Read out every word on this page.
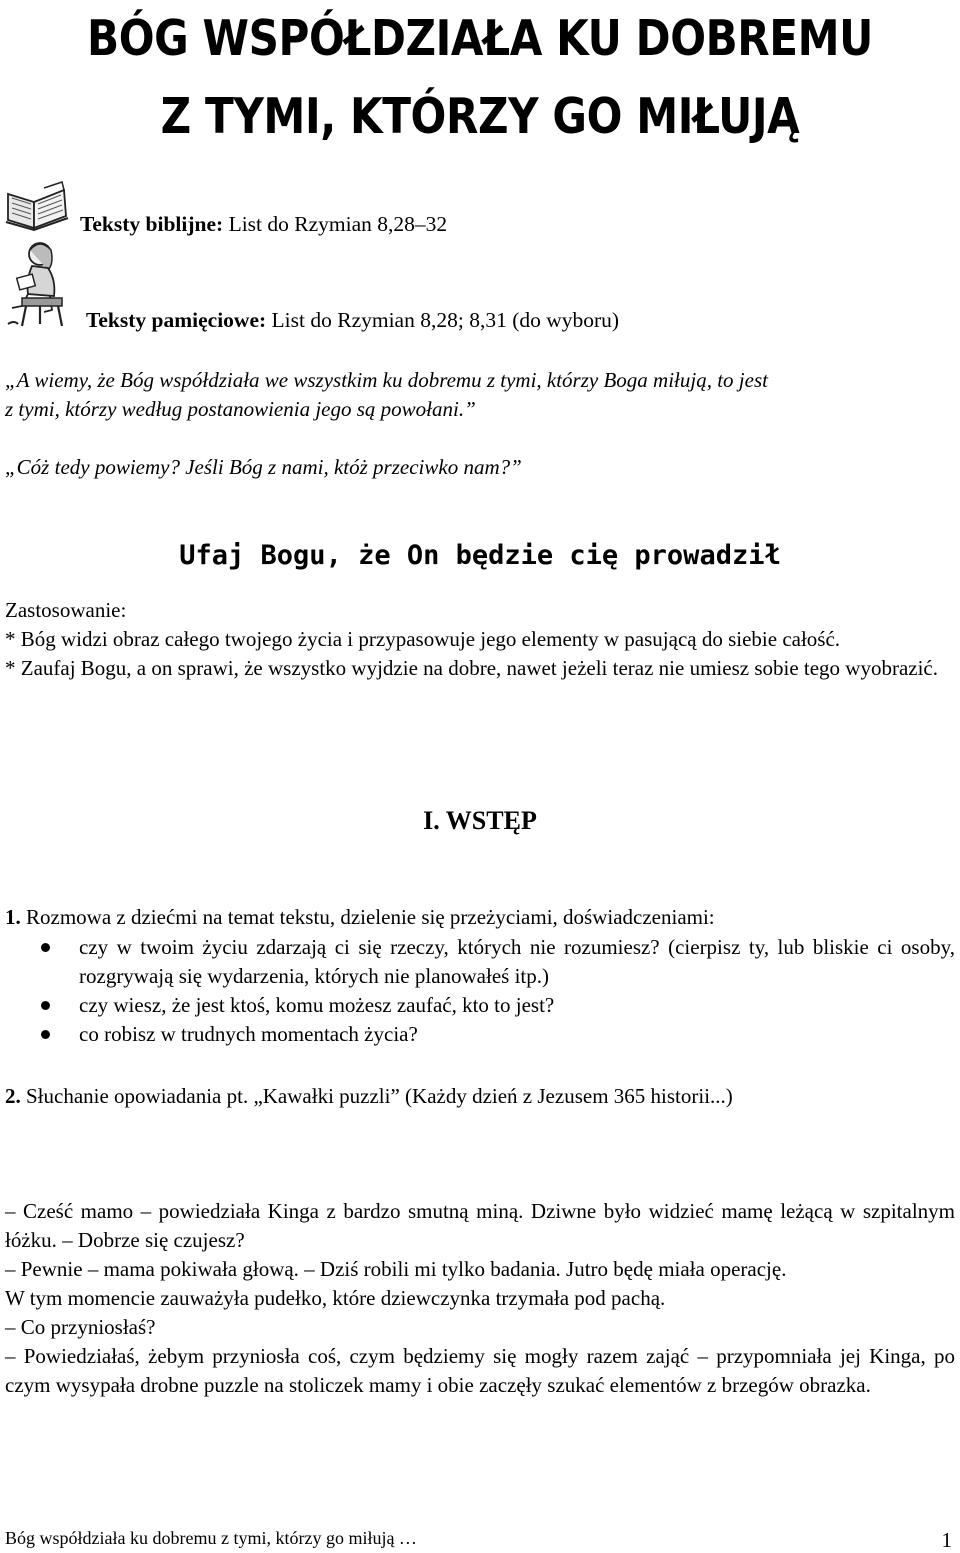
BÓG WSPÓŁDZIAŁA KU DOBREMU
Z TYMI, KTÓRZY GO MIŁUJĄ
Teksty biblijne: List do Rzymian 8,28–32
Teksty pamięciowe: List do Rzymian 8,28; 8,31 (do wyboru)
„A wiemy, że Bóg współdziała we wszystkim ku dobremu z tymi, którzy Boga miłują, to jest
z tymi, którzy według postanowienia jego są powołani.”
„Cóż tedy powiemy? Jeśli Bóg z nami, któż przeciwko nam?”
Ufaj Bogu, że On będzie cię prowadził
Zastosowanie:
* Bóg widzi obraz całego twojego życia i przypasowuje jego elementy w pasującą do siebie całość.
* Zaufaj Bogu, a on sprawi, że wszystko wyjdzie na dobre, nawet jeżeli teraz nie umiesz sobie tego wyobrazić.
I. WSTĘP
1. Rozmowa z dziećmi na temat tekstu, dzielenie się przeżyciami, doświadczeniami:
czy w twoim życiu zdarzają ci się rzeczy, których nie rozumiesz? (cierpisz ty, lub bliskie ci osoby, rozgrywają się wydarzenia, których nie planowałeś itp.)
czy wiesz, że jest ktoś, komu możesz zaufać, kto to jest?
co robisz w trudnych momentach życia?
2. Słuchanie opowiadania pt. „Kawałki puzzli” (Każdy dzień z Jezusem 365 historii...)

– Cześć mamo – powiedziała Kinga z bardzo smutną miną. Dziwne było widzieć mamę leżącą w szpitalnym łóżku. – Dobrze się czujesz?

– Pewnie – mama pokiwała głową. – Dziś robili mi tylko badania. Jutro będę miała operację.

W tym momencie zauważyła pudełko, które dziewczynka trzymała pod pachą.

– Co przyniosłaś?

– Powiedziałaś, żebym przyniosła coś, czym będziemy się mogły razem zająć – przypomniała jej Kinga, po czym wysypała drobne puzzle na stoliczek mamy i obie zaczęły szukać elementów z brzegów obrazka.

Bóg współdziała ku dobremu z tymi, którzy go miłują …	1
